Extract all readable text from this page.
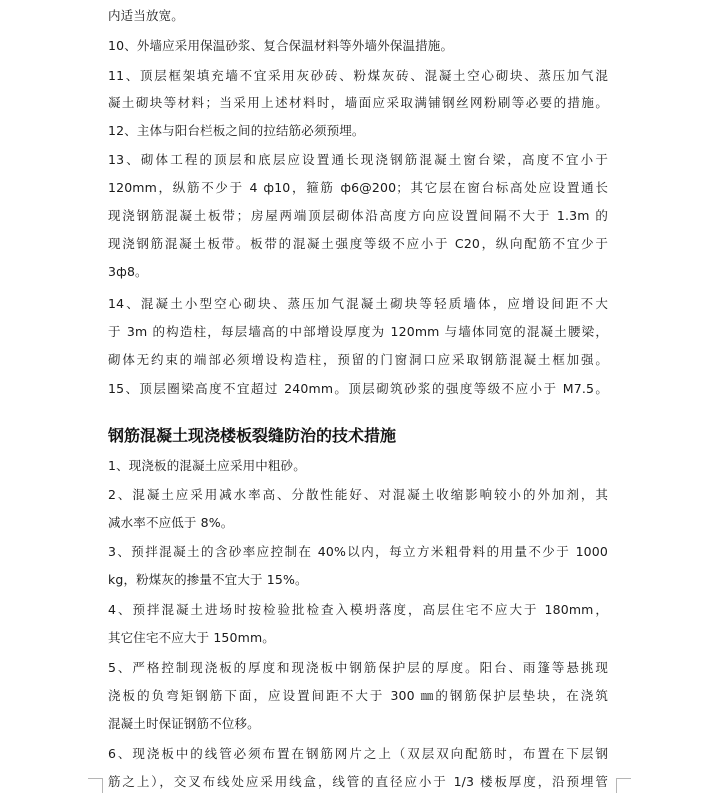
内适当放宽。
10、外墙应采用保温砂浆、复合保温材料等外墙外保温措施。
11、顶层框架填充墙不宜采用灰砂砖、粉煤灰砖、混凝土空心砌块、蒸压加气混
凝土砌块等材料；当采用上述材料时，墙面应采取满铺钢丝网粉刷等必要的措施。
12、主体与阳台栏板之间的拉结筋必须预埋。
13、砌体工程的顶层和底层应设置通长现浇钢筋混凝土窗台梁，高度不宜小于
120mm，纵筋不少于 4 ф10，箍筋 ф6@200；其它层在窗台标高处应设置通长
现浇钢筋混凝土板带；房屋两端顶层砌体沿高度方向应设置间隔不大于 1.3m 的
现浇钢筋混凝土板带。板带的混凝土强度等级不应小于 C20，纵向配筋不宜少于
3ф8。
14、混凝土小型空心砌块、蒸压加气混凝土砌块等轻质墙体，应增设间距不大
于 3m 的构造柱，每层墙高的中部增设厚度为 120mm 与墙体同宽的混凝土腰梁，
砌体无约束的端部必须增设构造柱，预留的门窗洞口应采取钢筋混凝土框加强。
15、顶层圈梁高度不宜超过 240mm。顶层砌筑砂浆的强度等级不应小于 M7.5。
钢筋混凝土现浇楼板裂缝防治的技术措施
1、现浇板的混凝土应采用中粗砂。
2、混凝土应采用减水率高、分散性能好、对混凝土收缩影响较小的外加剂，其
减水率不应低于 8%。
3、预拌混凝土的含砂率应控制在 40%以内，每立方米粗骨料的用量不少于 1000
kg，粉煤灰的掺量不宜大于 15%。
4、预拌混凝土进场时按检验批检查入模坍落度，高层住宅不应大于 180mm，
其它住宅不应大于 150mm。
5、严格控制现浇板的厚度和现浇板中钢筋保护层的厚度。阳台、雨篷等悬挑现
浇板的负弯矩钢筋下面，应设置间距不大于 300 ㎜的钢筋保护层垫块，在浇筑
混凝土时保证钢筋不位移。
6、现浇板中的线管必须布置在钢筋网片之上（双层双向配筋时，布置在下层钢
筋之上），交叉布线处应采用线盒，线管的直径应小于 1/3 楼板厚度，沿预埋管
